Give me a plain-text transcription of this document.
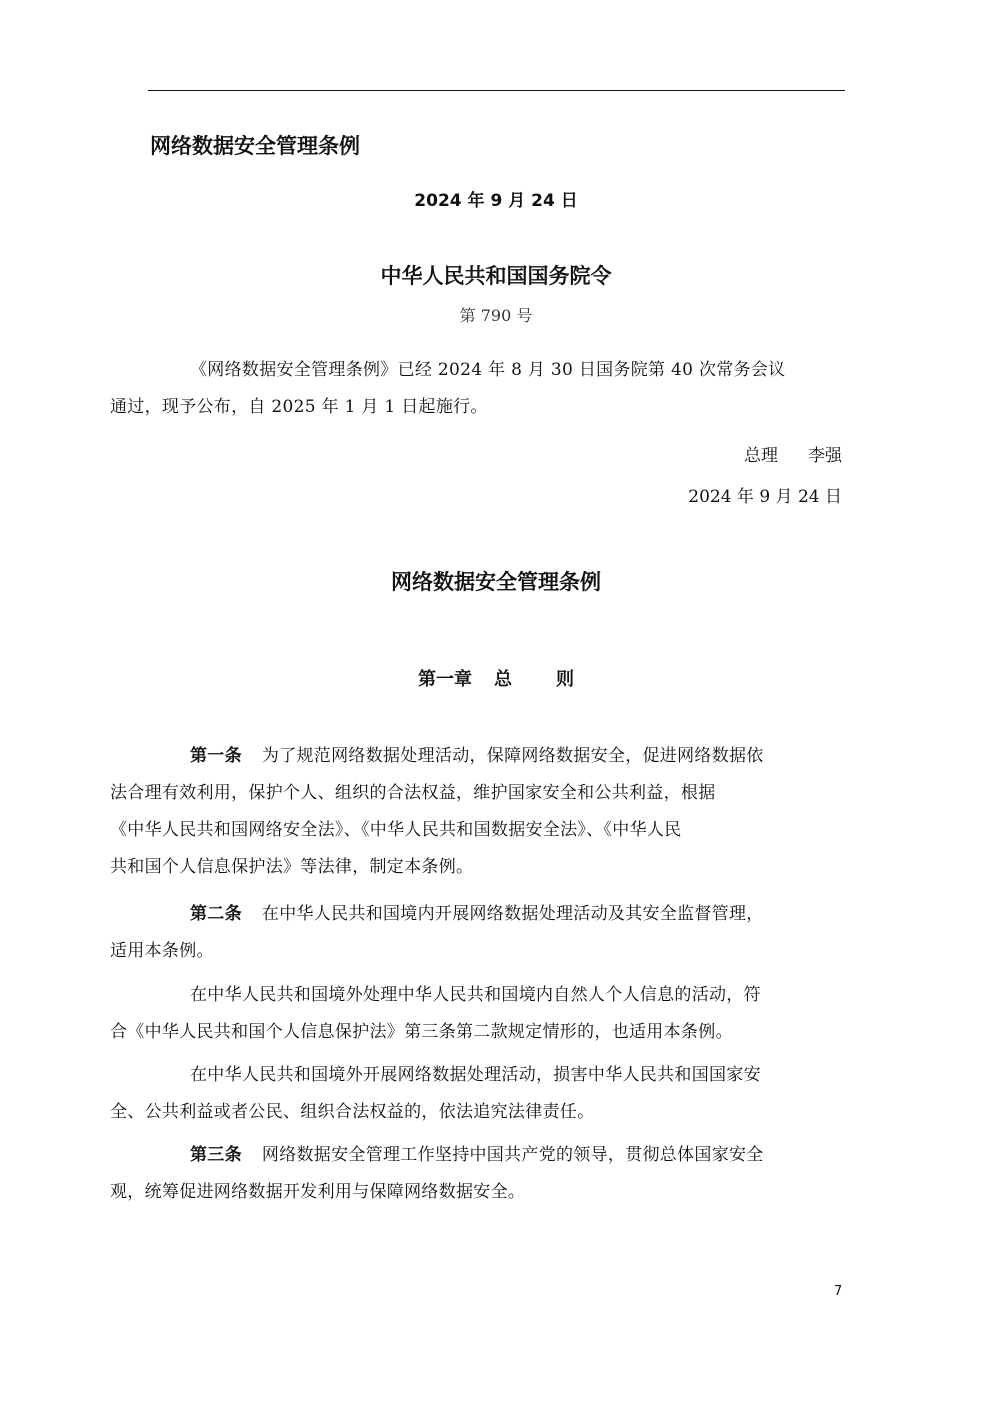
网络数据安全管理条例
2024 年 9 月 24 日
中华人民共和国国务院令
第 790 号
《网络数据安全管理条例》已经 2024 年 8 月 30 日国务院第 40 次常务会议
通过，现予公布，自 2025 年 1 月 1 日起施行。
总理 李强
2024 年 9 月 24 日
网络数据安全管理条例
第一章 总 则
第一条 为了规范网络数据处理活动，保障网络数据安全，促进网络数据依
法合理有效利用，保护个人、组织的合法权益，维护国家安全和公共利益，根据
《中华人民共和国网络安全法》、《中华人民共和国数据安全法》、《中华人民
共和国个人信息保护法》等法律，制定本条例。
第二条 在中华人民共和国境内开展网络数据处理活动及其安全监督管理，
适用本条例。
在中华人民共和国境外处理中华人民共和国境内自然人个人信息的活动，符
合《中华人民共和国个人信息保护法》第三条第二款规定情形的，也适用本条例。
在中华人民共和国境外开展网络数据处理活动，损害中华人民共和国国家安
全、公共利益或者公民、组织合法权益的，依法追究法律责任。
第三条 网络数据安全管理工作坚持中国共产党的领导，贯彻总体国家安全
观，统筹促进网络数据开发利用与保障网络数据安全。
7
